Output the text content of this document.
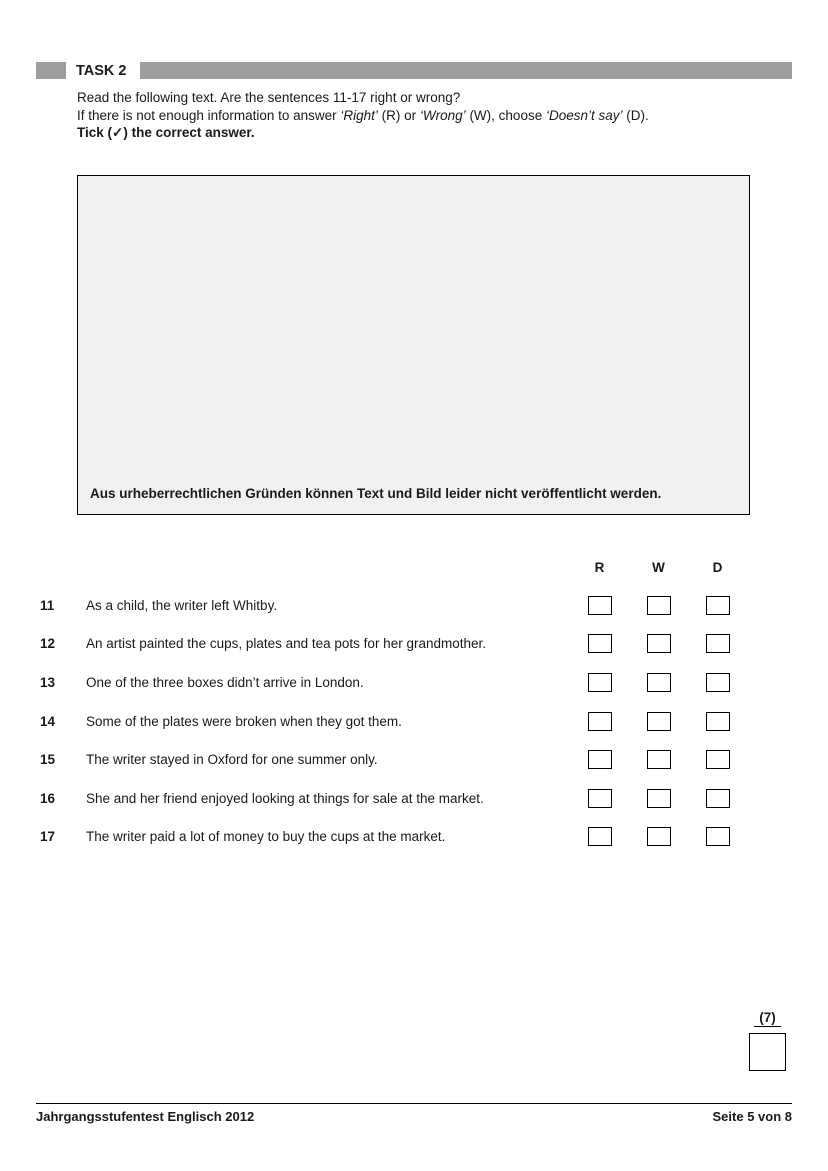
TASK 2

Read the following text. Are the sentences 11-17 right or wrong?

If there is not enough information to answer ‘Right’ (R) or ‘Wrong’ (W), choose ‘Doesn’t say’ (D).

Tick (✓) the correct answer.

Aus urheberrechtlichen Gründen können Text und Bild leider nicht veröffentlicht werden.
R	W	D
11	As a child, the writer left Whitby.
12	An artist painted the cups, plates and tea pots for her grandmother.
13	One of the three boxes didn’t arrive in London.
14	Some of the plates were broken when they got them.
15	The writer stayed in Oxford for one summer only.
16	She and her friend enjoyed looking at things for sale at the market.
17	The writer paid a lot of money to buy the cups at the market.
(7)
Jahrgangsstufentest Englisch 2012	Seite 5 von 8
